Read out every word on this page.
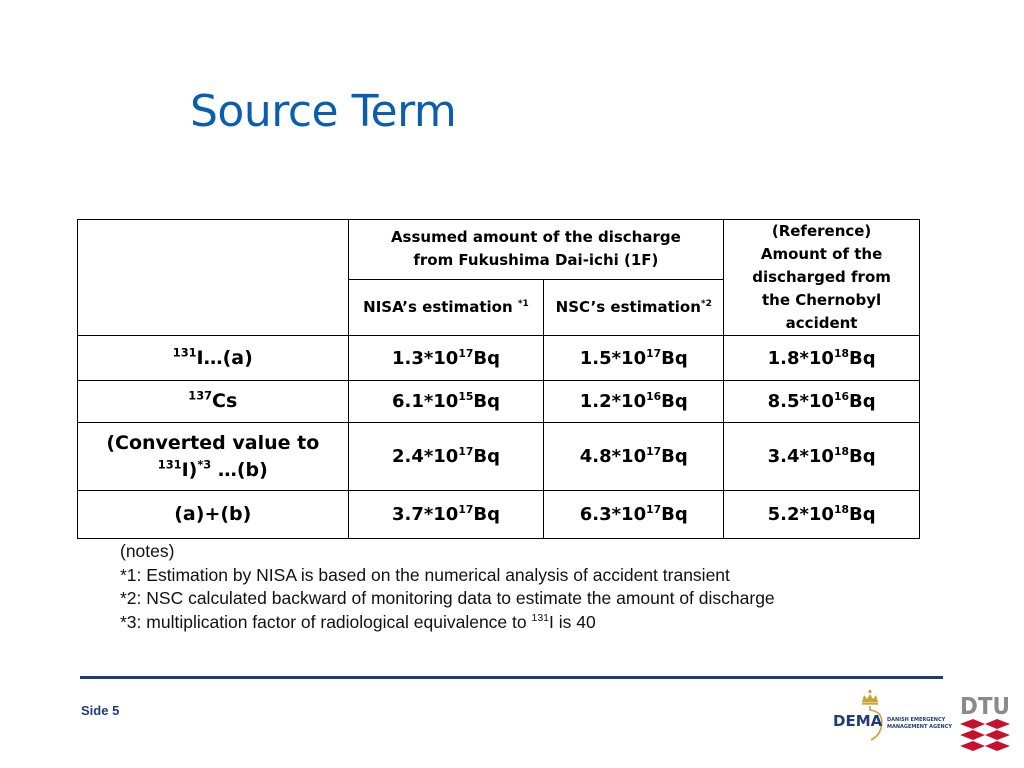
Source Term
	Assumed amount of the discharge from Fukushima Dai-ichi (1F)		(Reference)
Amount of the discharged from the Chernobyl accident
	NISA’s estimation $^{*1}$	NSC’s estimation$^{*2}$
$^{131}$I…(a)	$1.3*10^{17}Bq$	$1.5*10^{17}Bq$	$1.8*10^{18}Bq$
$^{137}$Cs	$6.1*10^{15}Bq$	$1.2*10^{16}Bq$	$8.5*10^{16}Bq$
(Converted value to
$^{131}$I)$^{*3}$ …(b)	$2.4*10^{17}Bq$	$4.8*10^{17}Bq$	$3.4*10^{18}Bq$
(a)+(b)	$3.7*10^{17}Bq$	$6.3*10^{17}Bq$	$5.2*10^{18}Bq$
(notes)
*1: Estimation by NISA is based on the numerical analysis of accident transient
*2: NSC calculated backward of monitoring data to estimate the amount of discharge
*3: multiplication factor of radiological equivalence to $^{131}$I is 40
Side 5
DEMA DANISH EMERGENCY
MANAGEMENT AGENCY
DTU
